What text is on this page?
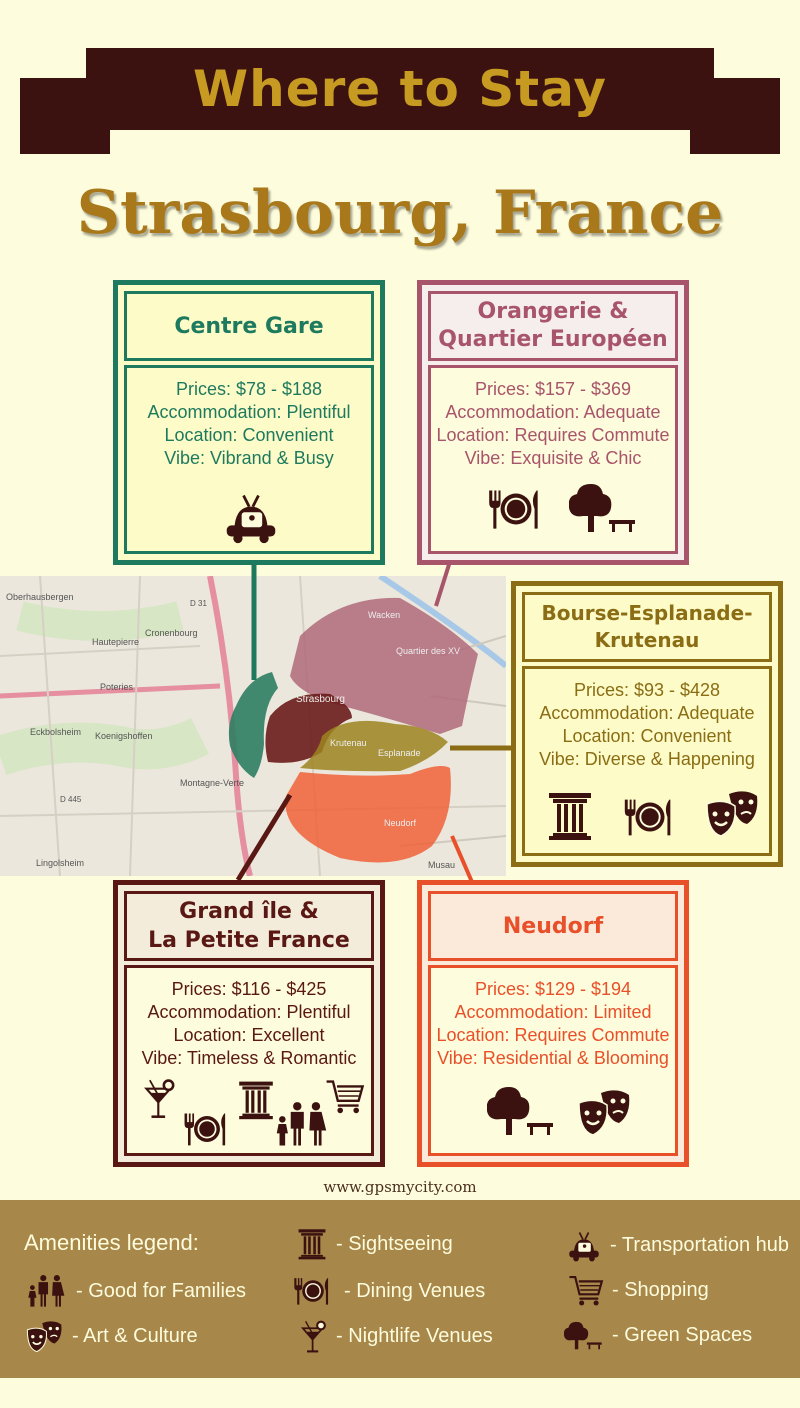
Where to Stay
Strasbourg, France
Oberhausbergen
Hautepierre
Cronenbourg
Poteries
Eckbolsheim Koenigshoffen
Montagne-Verte
Lingolsheim
Strasbourg
Krutenau
Esplanade
Neudorf
Musau
Wacken
Quartier des XV
D 31
D 445
Centre Gare
Prices: $78 - $188
Accommodation: Plentiful
Location: Convenient
Vibe: Vibrand & Busy
Orangerie &
Quartier Européen
Prices: $157 - $369
Accommodation: Adequate
Location: Requires Commute
Vibe: Exquisite & Chic
Bourse-Esplanade-
Krutenau
Prices: $93 - $428
Accommodation: Adequate
Location: Convenient
Vibe: Diverse & Happening
Grand île &
La Petite France
Prices: $116 - $425
Accommodation: Plentiful
Location: Excellent
Vibe: Timeless & Romantic
Neudorf
Prices: $129 - $194
Accommodation: Limited
Location: Requires Commute
Vibe: Residential & Blooming
www.gpsmycity.com
Amenities legend:	- Sightseeing	- Transportation hub
- Good for Families	- Dining Venues	- Shopping
- Art & Culture	- Nightlife Venues	- Green Spaces
